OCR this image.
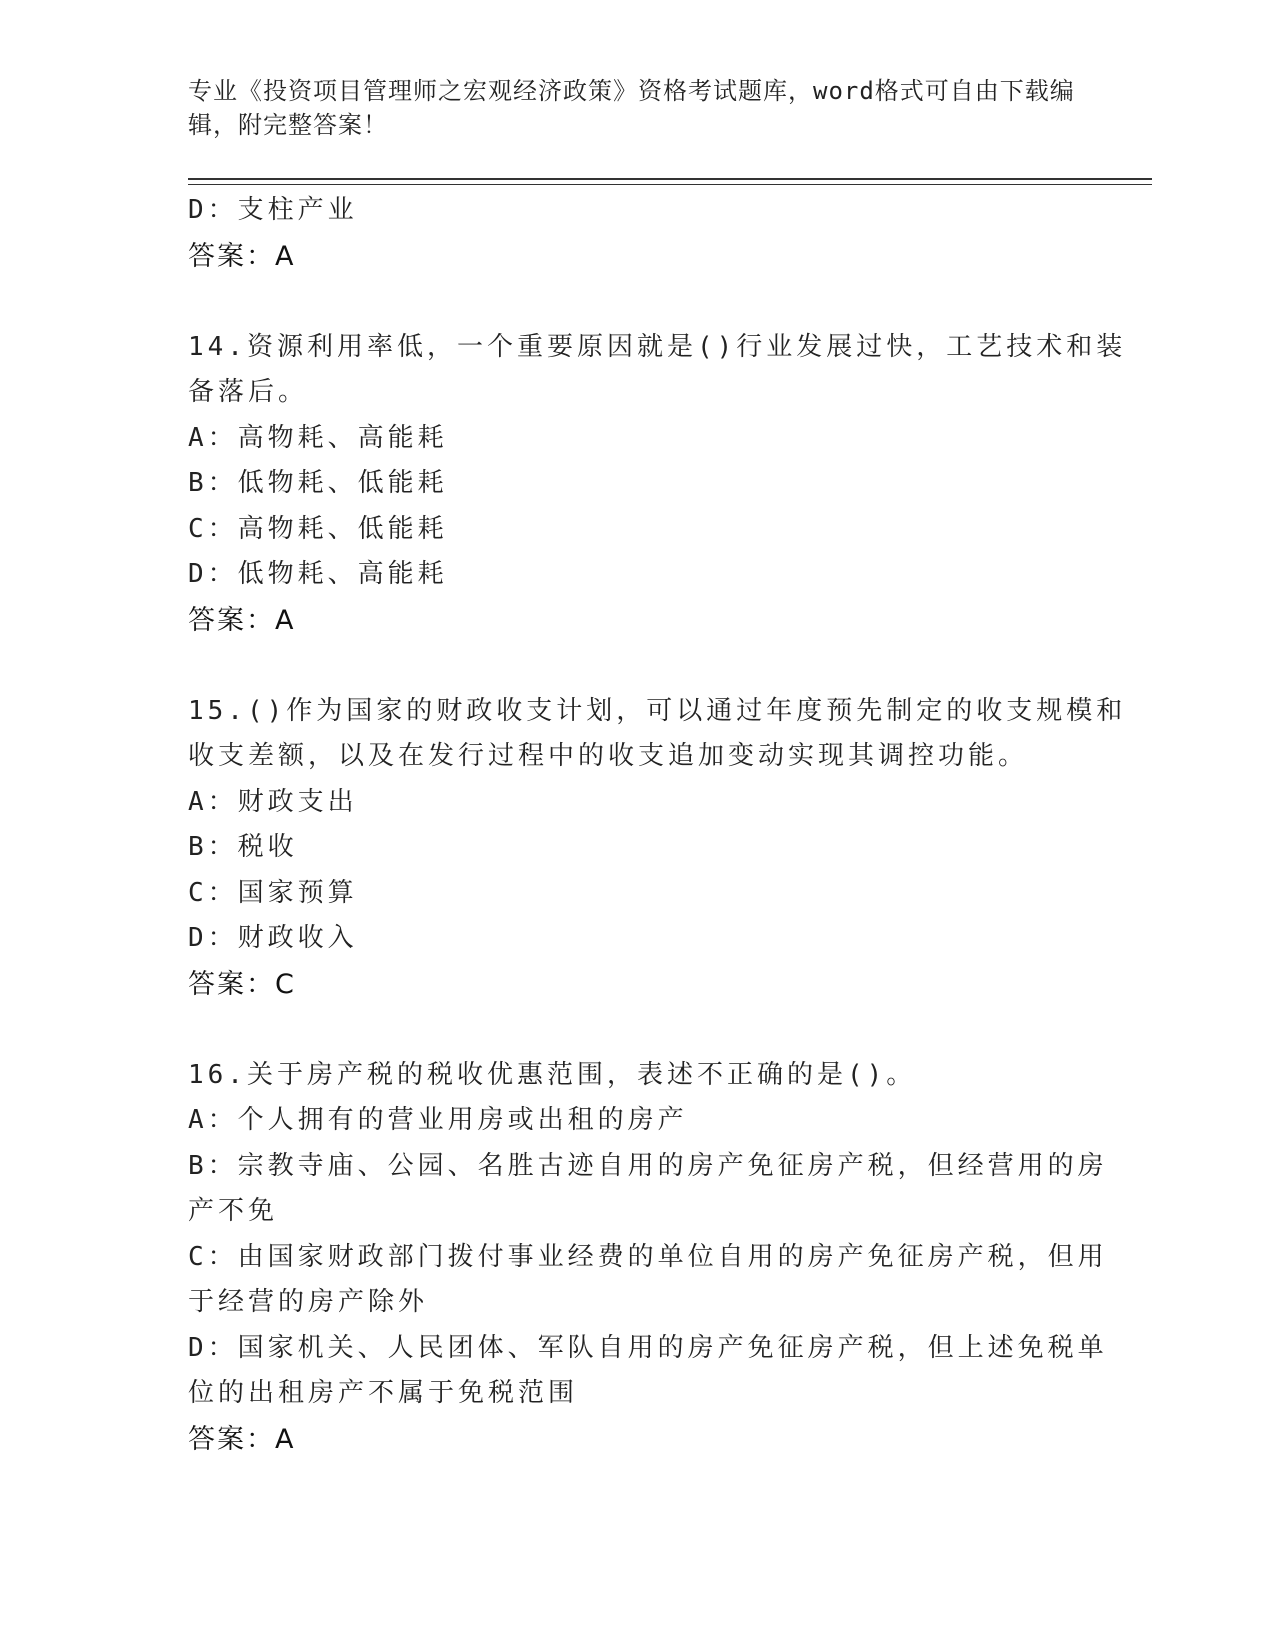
专业《投资项目管理师之宏观经济政策》资格考试题库，word格式可自由下载编
辑，附完整答案！
D：支柱产业
答案：A
14.资源利用率低，一个重要原因就是()行业发展过快，工艺技术和装
备落后。
A：高物耗、高能耗
B：低物耗、低能耗
C：高物耗、低能耗
D：低物耗、高能耗
答案：A
15.()作为国家的财政收支计划，可以通过年度预先制定的收支规模和
收支差额，以及在发行过程中的收支追加变动实现其调控功能。
A：财政支出
B：税收
C：国家预算
D：财政收入
答案：C
16.关于房产税的税收优惠范围，表述不正确的是()。
A：个人拥有的营业用房或出租的房产
B：宗教寺庙、公园、名胜古迹自用的房产免征房产税，但经营用的房
产不免
C：由国家财政部门拨付事业经费的单位自用的房产免征房产税，但用
于经营的房产除外
D：国家机关、人民团体、军队自用的房产免征房产税，但上述免税单
位的出租房产不属于免税范围
答案：A
